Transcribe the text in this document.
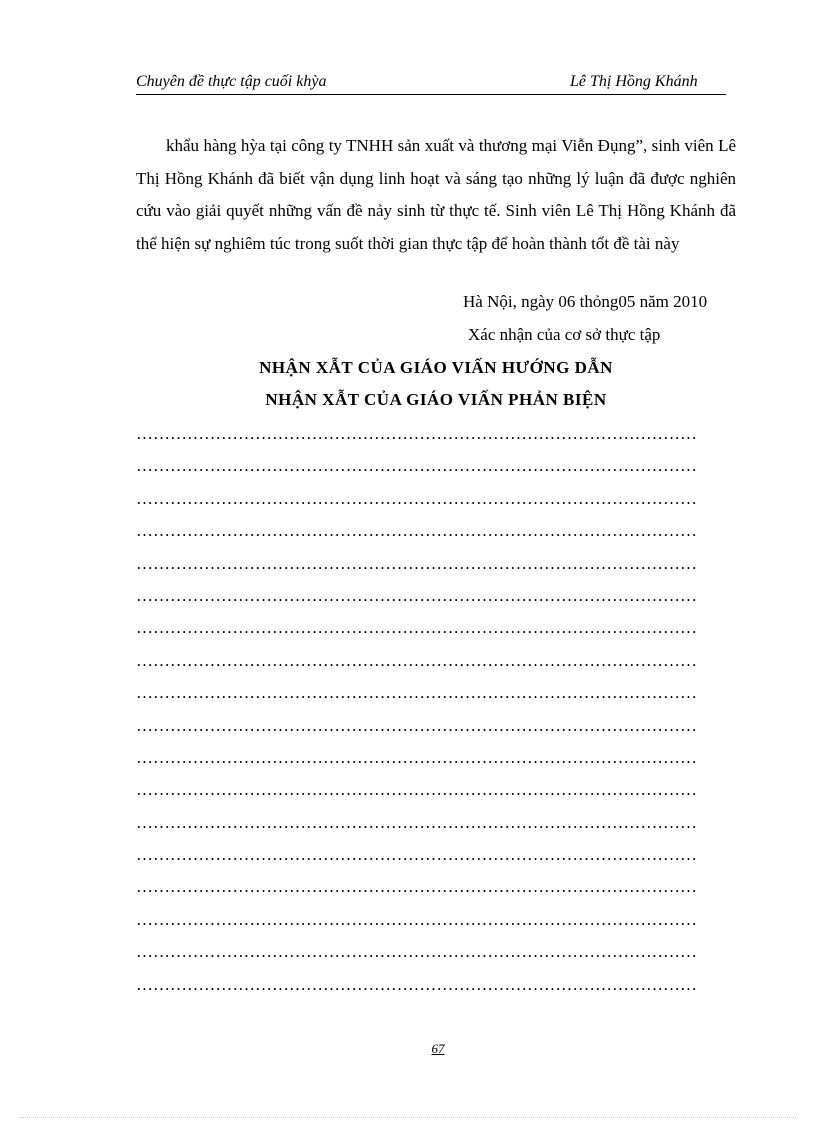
Chuyên đề thực tập cuối khỳa	Lê Thị Hồng Khánh

khẩu hàng hỳa tại công ty TNHH sản xuất và thương mại Viễn Đụng”, sinh viên Lê Thị Hồng Khánh đã biết vận dụng linh hoạt và sáng tạo những lý luận đã được nghiên cứu vào giải quyết những vấn đề nảy sinh từ thực tế. Sinh viên Lê Thị Hồng Khánh đã thể hiện sự nghiêm túc trong suốt thời gian thực tập để hoàn thành tốt đề tài này

Hà Nội, ngày 06 thỏng05 năm 2010
Xác nhận của cơ sở thực tập
NHẬN XẪT CỦA GIÁO VIẤN HƯỚNG DẪN
NHẬN XẪT CỦA GIÁO VIẤN PHẢN BIỆN
………………………………………………………………………………………
………………………………………………………………………………………
………………………………………………………………………………………
………………………………………………………………………………………
………………………………………………………………………………………
………………………………………………………………………………………
………………………………………………………………………………………
………………………………………………………………………………………
………………………………………………………………………………………
………………………………………………………………………………………
………………………………………………………………………………………
………………………………………………………………………………………
………………………………………………………………………………………
………………………………………………………………………………………
………………………………………………………………………………………
………………………………………………………………………………………
………………………………………………………………………………………
………………………………………………………………………………………
67
